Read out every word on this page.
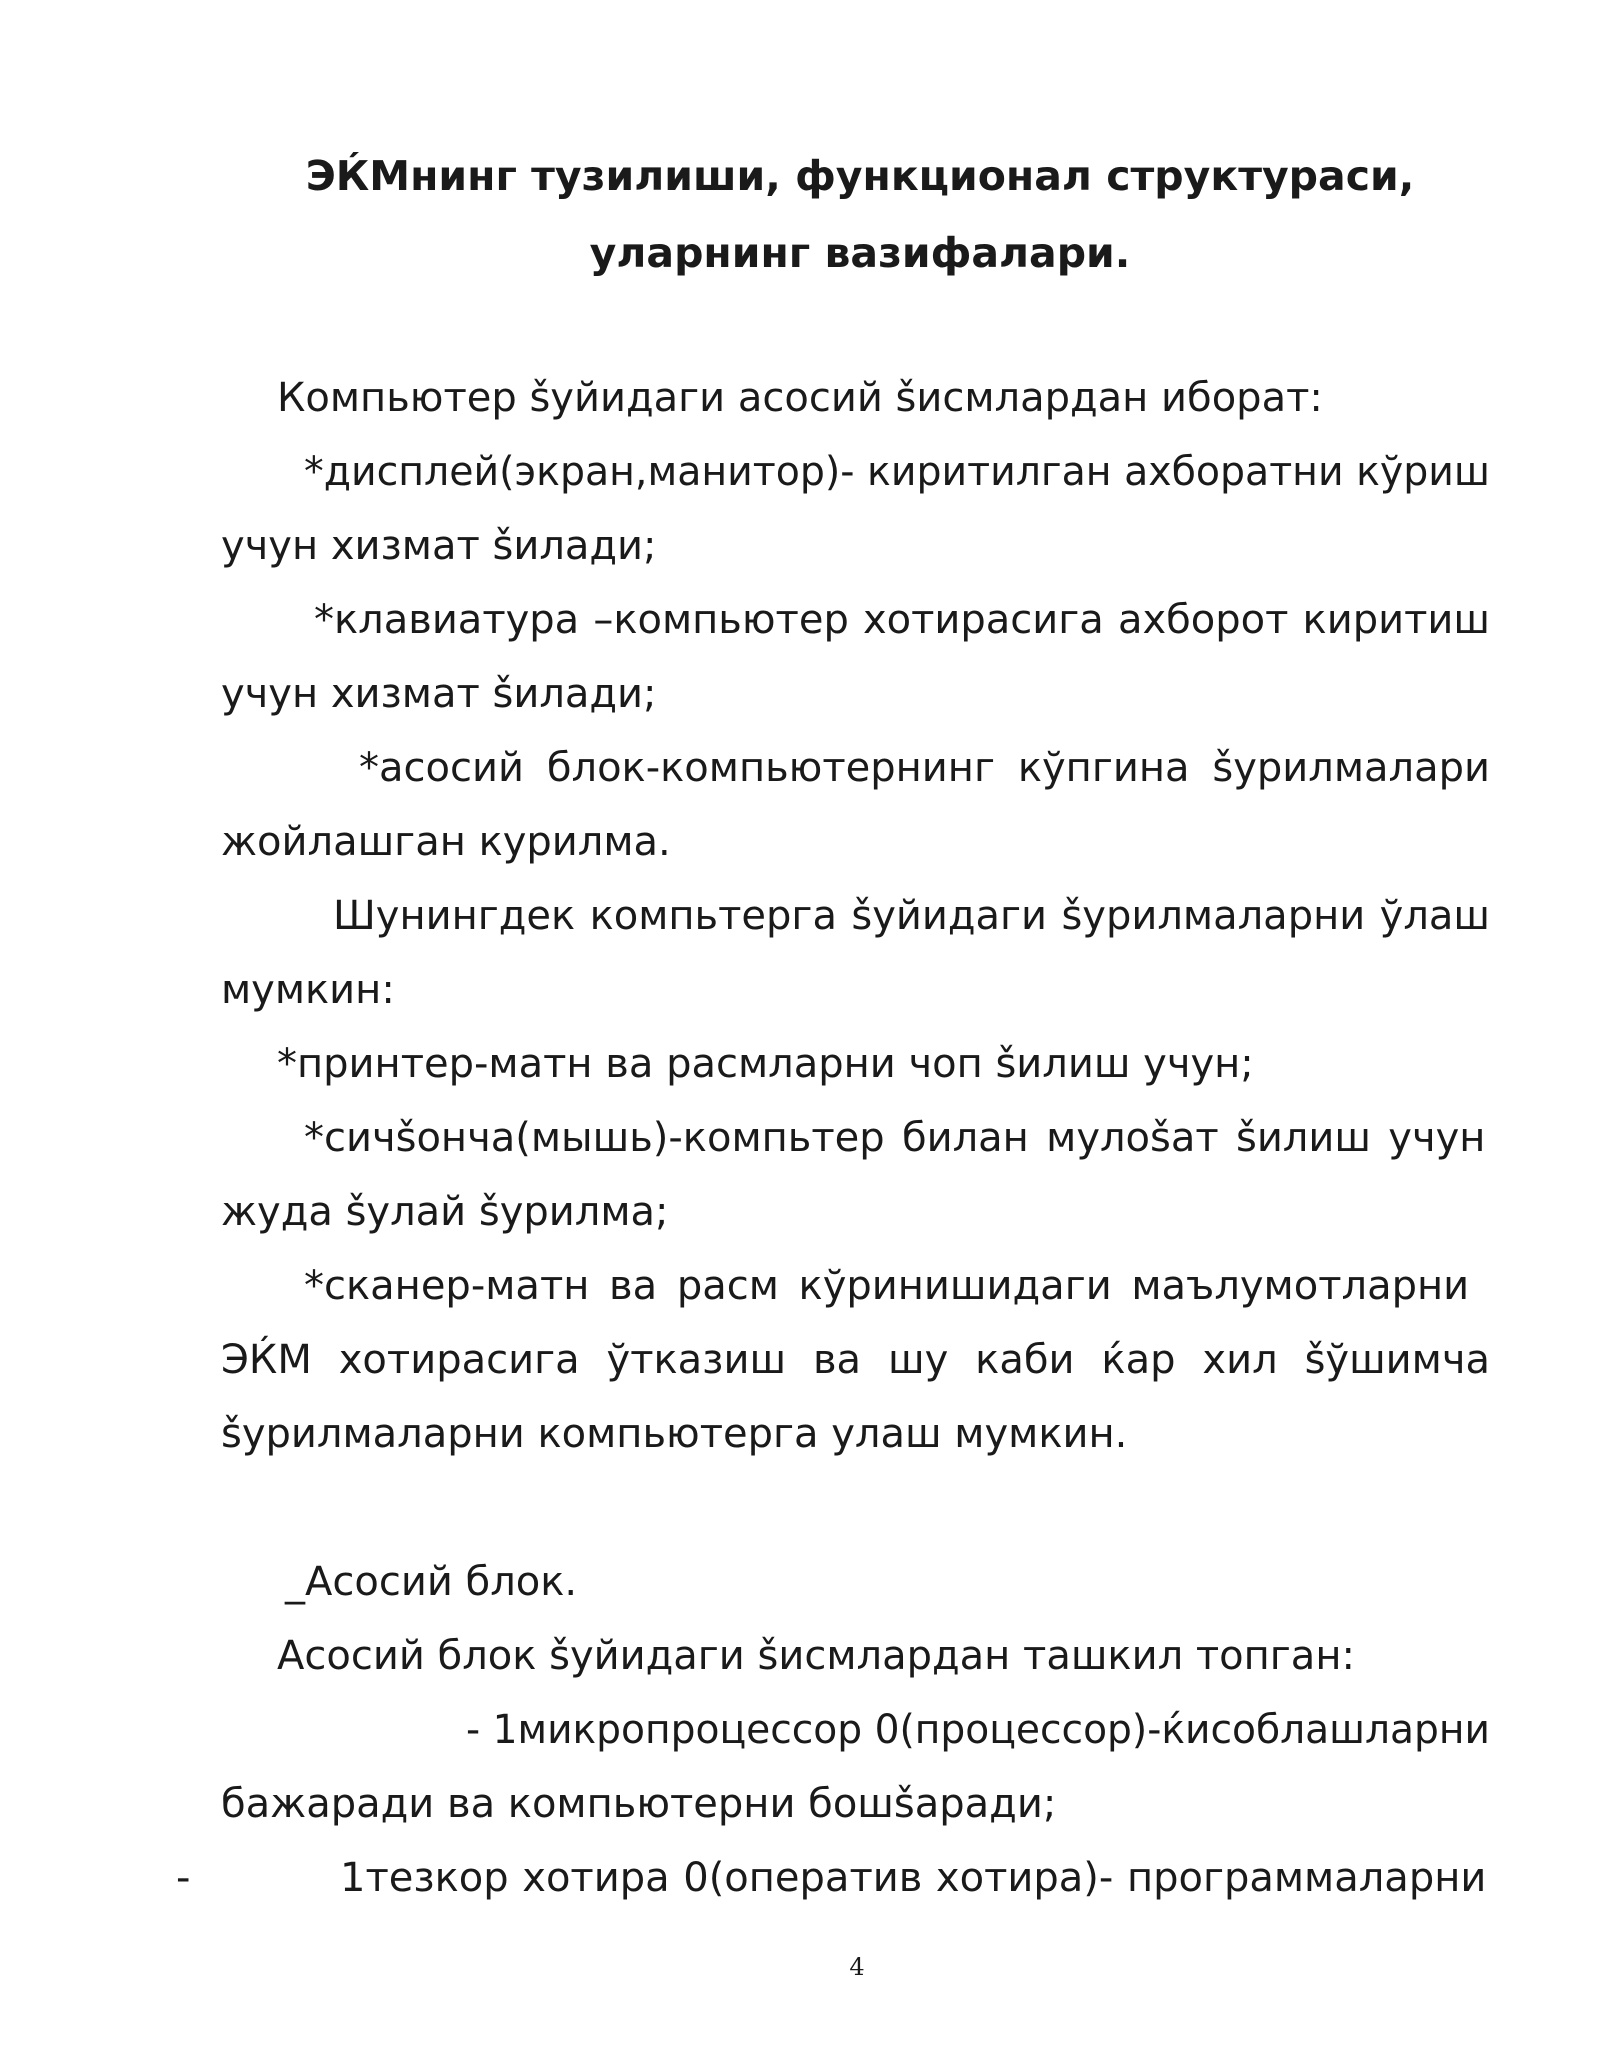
ЭЌМнинг тузилиши, функционал структураси,
уларнинг вазифалари.
Компьютер šуйидаги асосий šисмлардан иборат:
*дисплей(экран,манитор)- киритилган ахборатни кўриш
учун хизмат šилади;
*клавиатура –компьютер хотирасига ахборот киритиш
учун хизмат šилади;
*асосий блок-компьютернинг кўпгина šурилмалари
жойлашган курилма.
Шунингдек компьтерга šуйидаги šурилмаларни ўлаш
мумкин:
*принтер-матн ва расмларни чоп šилиш учун;
*сичšонча(мышь)-компьтер билан мулоšат šилиш учун
жуда šулай šурилма;
*сканер-матн ва расм кўринишидаги маълумотларни
ЭЌМ хотирасига ўтказиш ва шу каби ќар хил šўшимча
šурилмаларни компьютерга улаш мумкин.
_Асосий блок.
Асосий блок šуйидаги šисмлардан ташкил топган:
- 1микропроцессор 0(процессор)-ќисоблашларни
бажаради ва компьютерни бошšаради;
-	1тезкор хотира 0(оператив хотира)- программаларни
4
